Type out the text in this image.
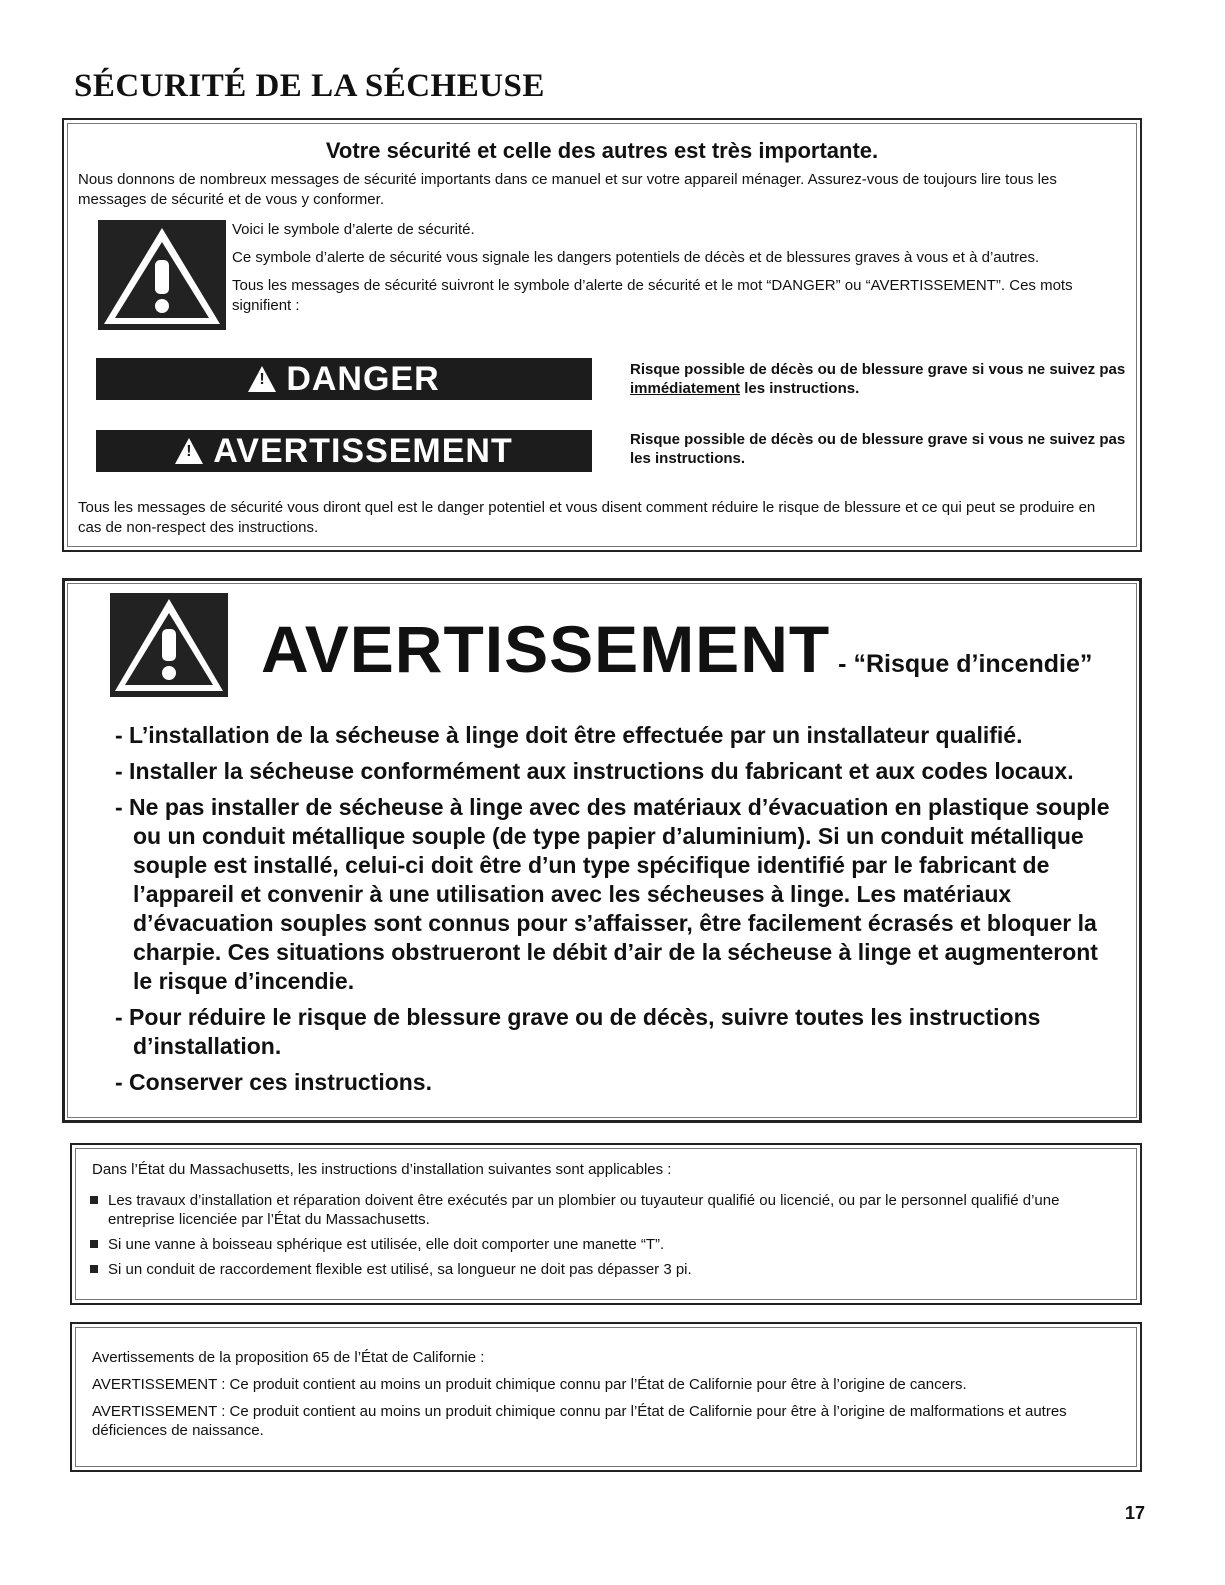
SÉCURITÉ DE LA SÉCHEUSE
Votre sécurité et celle des autres est très importante.
Nous donnons de nombreux messages de sécurité importants dans ce manuel et sur votre appareil ménager. Assurez-vous de toujours lire tous les messages de sécurité et de vous y conformer.

Voici le symbole d’alerte de sécurité.

Ce symbole d’alerte de sécurité vous signale les dangers potentiels de décès et de blessures graves à vous et à d’autres.

Tous les messages de sécurité suivront le symbole d’alerte de sécurité et le mot “DANGER” ou “AVERTISSEMENT”. Ces mots signifient :

!
DANGER	Risque possible de décès ou de blessure grave si vous ne suivez pas immédiatement les instructions.
!
AVERTISSEMENT	Risque possible de décès ou de blessure grave si vous ne suivez pas les instructions.
Tous les messages de sécurité vous diront quel est le danger potentiel et vous disent comment réduire le risque de blessure et ce qui peut se produire en cas de non-respect des instructions.
AVERTISSEMENT - “Risque d’incendie”
- L’installation de la sécheuse à linge doit être effectuée par un installateur qualifié.
- Installer la sécheuse conformément aux instructions du fabricant et aux codes locaux.
- Ne pas installer de sécheuse à linge avec des matériaux d’évacuation en plastique souple ou un conduit métallique souple (de type papier d’aluminium). Si un conduit métallique souple est installé, celui-ci doit être d’un type spécifique identifié par le fabricant de l’appareil et convenir à une utilisation avec les sécheuses à linge. Les matériaux d’évacuation souples sont connus pour s’affaisser, être facilement écrasés et bloquer la charpie. Ces situations obstrueront le débit d’air de la sécheuse à linge et augmenteront le risque d’incendie.
- Pour réduire le risque de blessure grave ou de décès, suivre toutes les instructions d’installation.
- Conserver ces instructions.
Dans l’État du Massachusetts, les instructions d’installation suivantes sont applicables :
Les travaux d’installation et réparation doivent être exécutés par un plombier ou tuyauteur qualifié ou licencié, ou par le personnel qualifié d’une entreprise licenciée par l’État du Massachusetts.
Si une vanne à boisseau sphérique est utilisée, elle doit comporter une manette “T”.
Si un conduit de raccordement flexible est utilisé, sa longueur ne doit pas dépasser 3 pi.

Avertissements de la proposition 65 de l’État de Californie :

AVERTISSEMENT : Ce produit contient au moins un produit chimique connu par l’État de Californie pour être à l’origine de cancers.

AVERTISSEMENT : Ce produit contient au moins un produit chimique connu par l’État de Californie pour être à l’origine de malformations et autres déficiences de naissance.

17
